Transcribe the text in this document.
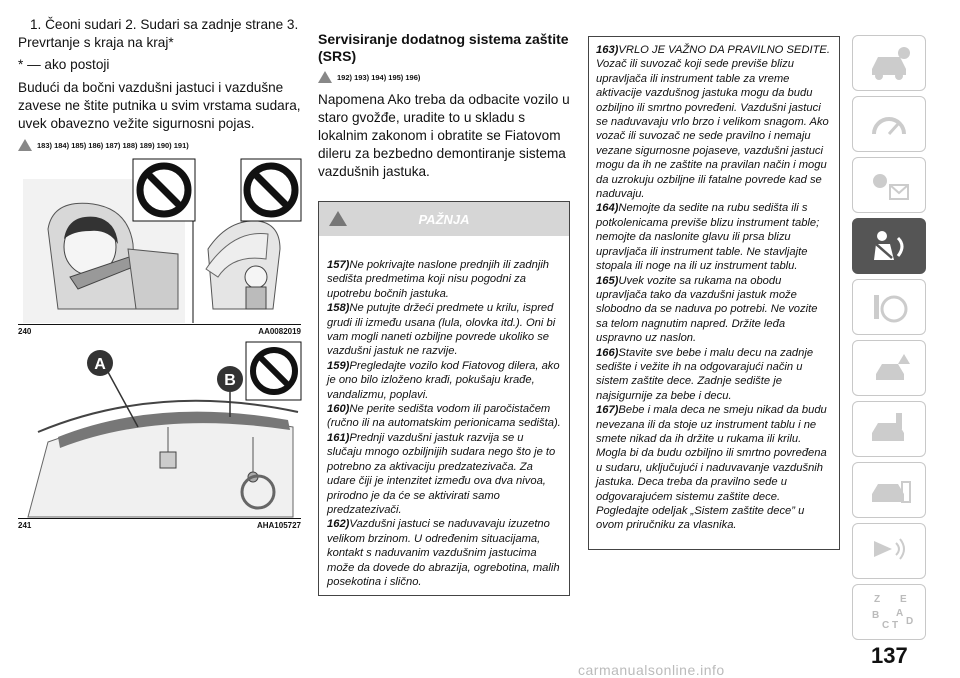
1. Čeoni sudari 2. Sudari sa zadnje strane 3. Prevrtanje s kraja na kraj*

* — ako postoji

Budući da bočni vazdušni jastuci i vazdušne zavese ne štite putnika u svim vrstama sudara, uvek obavezno vežite sigurnosni pojas.

183) 184) 185) 186) 187) 188) 189) 190) 191)
240	AA0082019
A
B
241	AHA105727
Servisiranje dodatnog sistema zaštite (SRS)
192) 193) 194) 195) 196)

Napomena Ako treba da odbacite vozilo u staro gvožđe, uradite to u skladu s lokalnim zakonom i obratite se Fiatovom dileru za bezbedno demontiranje sistema vazdušnih jastuka.

PAŽNJA

157)Ne pokrivajte naslone prednjih ili zadnjih sedišta predmetima koji nisu pogodni za upotrebu bočnih jastuka.

158)Ne putujte držeći predmete u krilu, ispred grudi ili između usana (lula, olovka itd.). Oni bi vam mogli naneti ozbiljne povrede ukoliko se vazdušni jastuk ne razvije.

159)Pregledajte vozilo kod Fiatovog dilera, ako je ono bilo izloženo krađi, pokušaju krađe, vandalizmu, poplavi.

160)Ne perite sedišta vodom ili paročistačem (ručno ili na automatskim perionicama sedišta).

161)Prednji vazdušni jastuk razvija se u slučaju mnogo ozbiljnijih sudara nego što je to potrebno za aktivaciju predzatezivača. Za udare čiji je intenzitet između ova dva nivoa, prirodno je da će se aktivirati samo predzatezivači.

162)Vazdušni jastuci se naduvavaju izuzetno velikom brzinom. U određenim situacijama, kontakt s naduvanim vazdušnim jastucima može da dovede do abrazija, ogrebotina, malih posekotina i slično.

163)VRLO JE VAŽNO DA PRAVILNO SEDITE. Vozač ili suvozač koji sede previše blizu upravljača ili instrument table za vreme aktivacije vazdušnog jastuka mogu da budu ozbiljno ili smrtno povređeni. Vazdušni jastuci se naduvavaju vrlo brzo i velikom snagom. Ako vozač ili suvozač ne sede pravilno i nemaju vezane sigurnosne pojaseve, vazdušni jastuci mogu da ih ne zaštite na pravilan način i mogu da uzrokuju ozbiljne ili fatalne povrede kad se naduvaju.

164)Nemojte da sedite na rubu sedišta ili s potkolenicama previše blizu instrument table; nemojte da naslonite glavu ili prsa blizu upravljača ili instrument table. Ne stavljajte stopala ili noge na ili uz instrument tablu.

165)Uvek vozite sa rukama na obodu upravljača tako da vazdušni jastuk može slobodno da se naduva po potrebi. Ne vozite sa telom nagnutim napred. Držite leđa uspravno uz naslon.

166)Stavite sve bebe i malu decu na zadnje sedište i vežite ih na odgovarajući način u sistem zaštite dece. Zadnje sedište je najsigurnije za bebe i decu.

167)Bebe i mala deca ne smeju nikad da budu nevezana ili da stoje uz instrument tablu i ne smete nikad da ih držite u rukama ili krilu. Mogla bi da budu ozbiljno ili smrtno povređena u sudaru, uključujući i naduvavanje vazdušnih jastuka. Deca treba da pravilno sede u odgovarajućem sistemu zaštite dece. Pogledajte odeljak „Sistem zaštite dece” u ovom priručniku za vlasnika.

Z E
B
C T
A
D
137
carmanualsonline.info
